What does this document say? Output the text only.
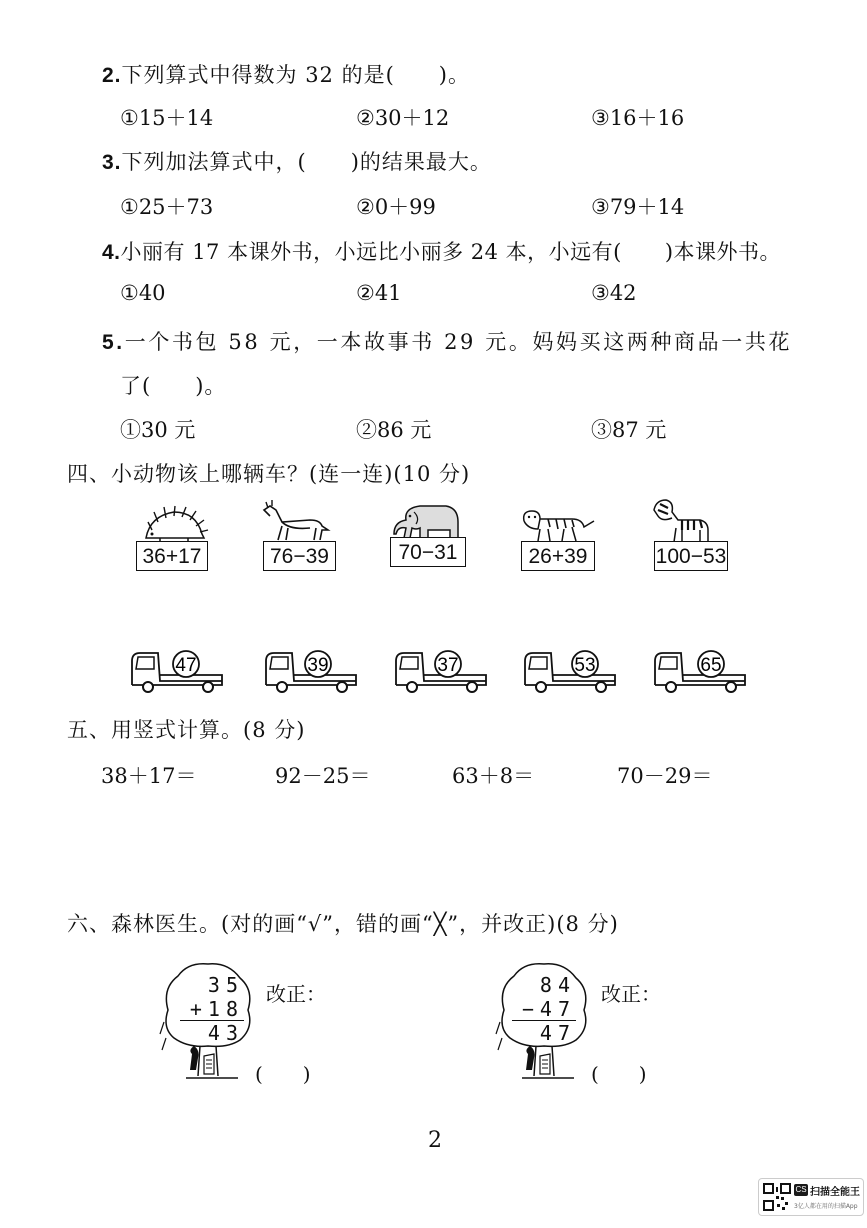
2.下列算式中得数为 32 的是(　　)。
①15＋14	②30＋12	③16＋16
3.下列加法算式中，(　　)的结果最大。
①25＋73	②0＋99	③79＋14
4.小丽有 17 本课外书，小远比小丽多 24 本，小远有(　　)本课外书。
①40	②41	③42
5.一个书包 58 元，一本故事书 29 元。妈妈买这两种商品一共花
了(　　)。
①30 元	②86 元	③87 元
四、小动物该上哪辆车？(连一连)(10 分)
36+17	76−39	70−31	26+39	100−53
47	39	37	53	65
五、用竖式计算。(8 分)
38＋17＝	92－25＝	63＋8＝	70－29＝
六、森林医生。(对的画“√”，错的画“╳”，并改正)(8 分)
35
+18
43
改正：
(　　)
84
−47
47
改正：
(　　)
2
CS 扫描全能王
3亿人都在用的扫描App
